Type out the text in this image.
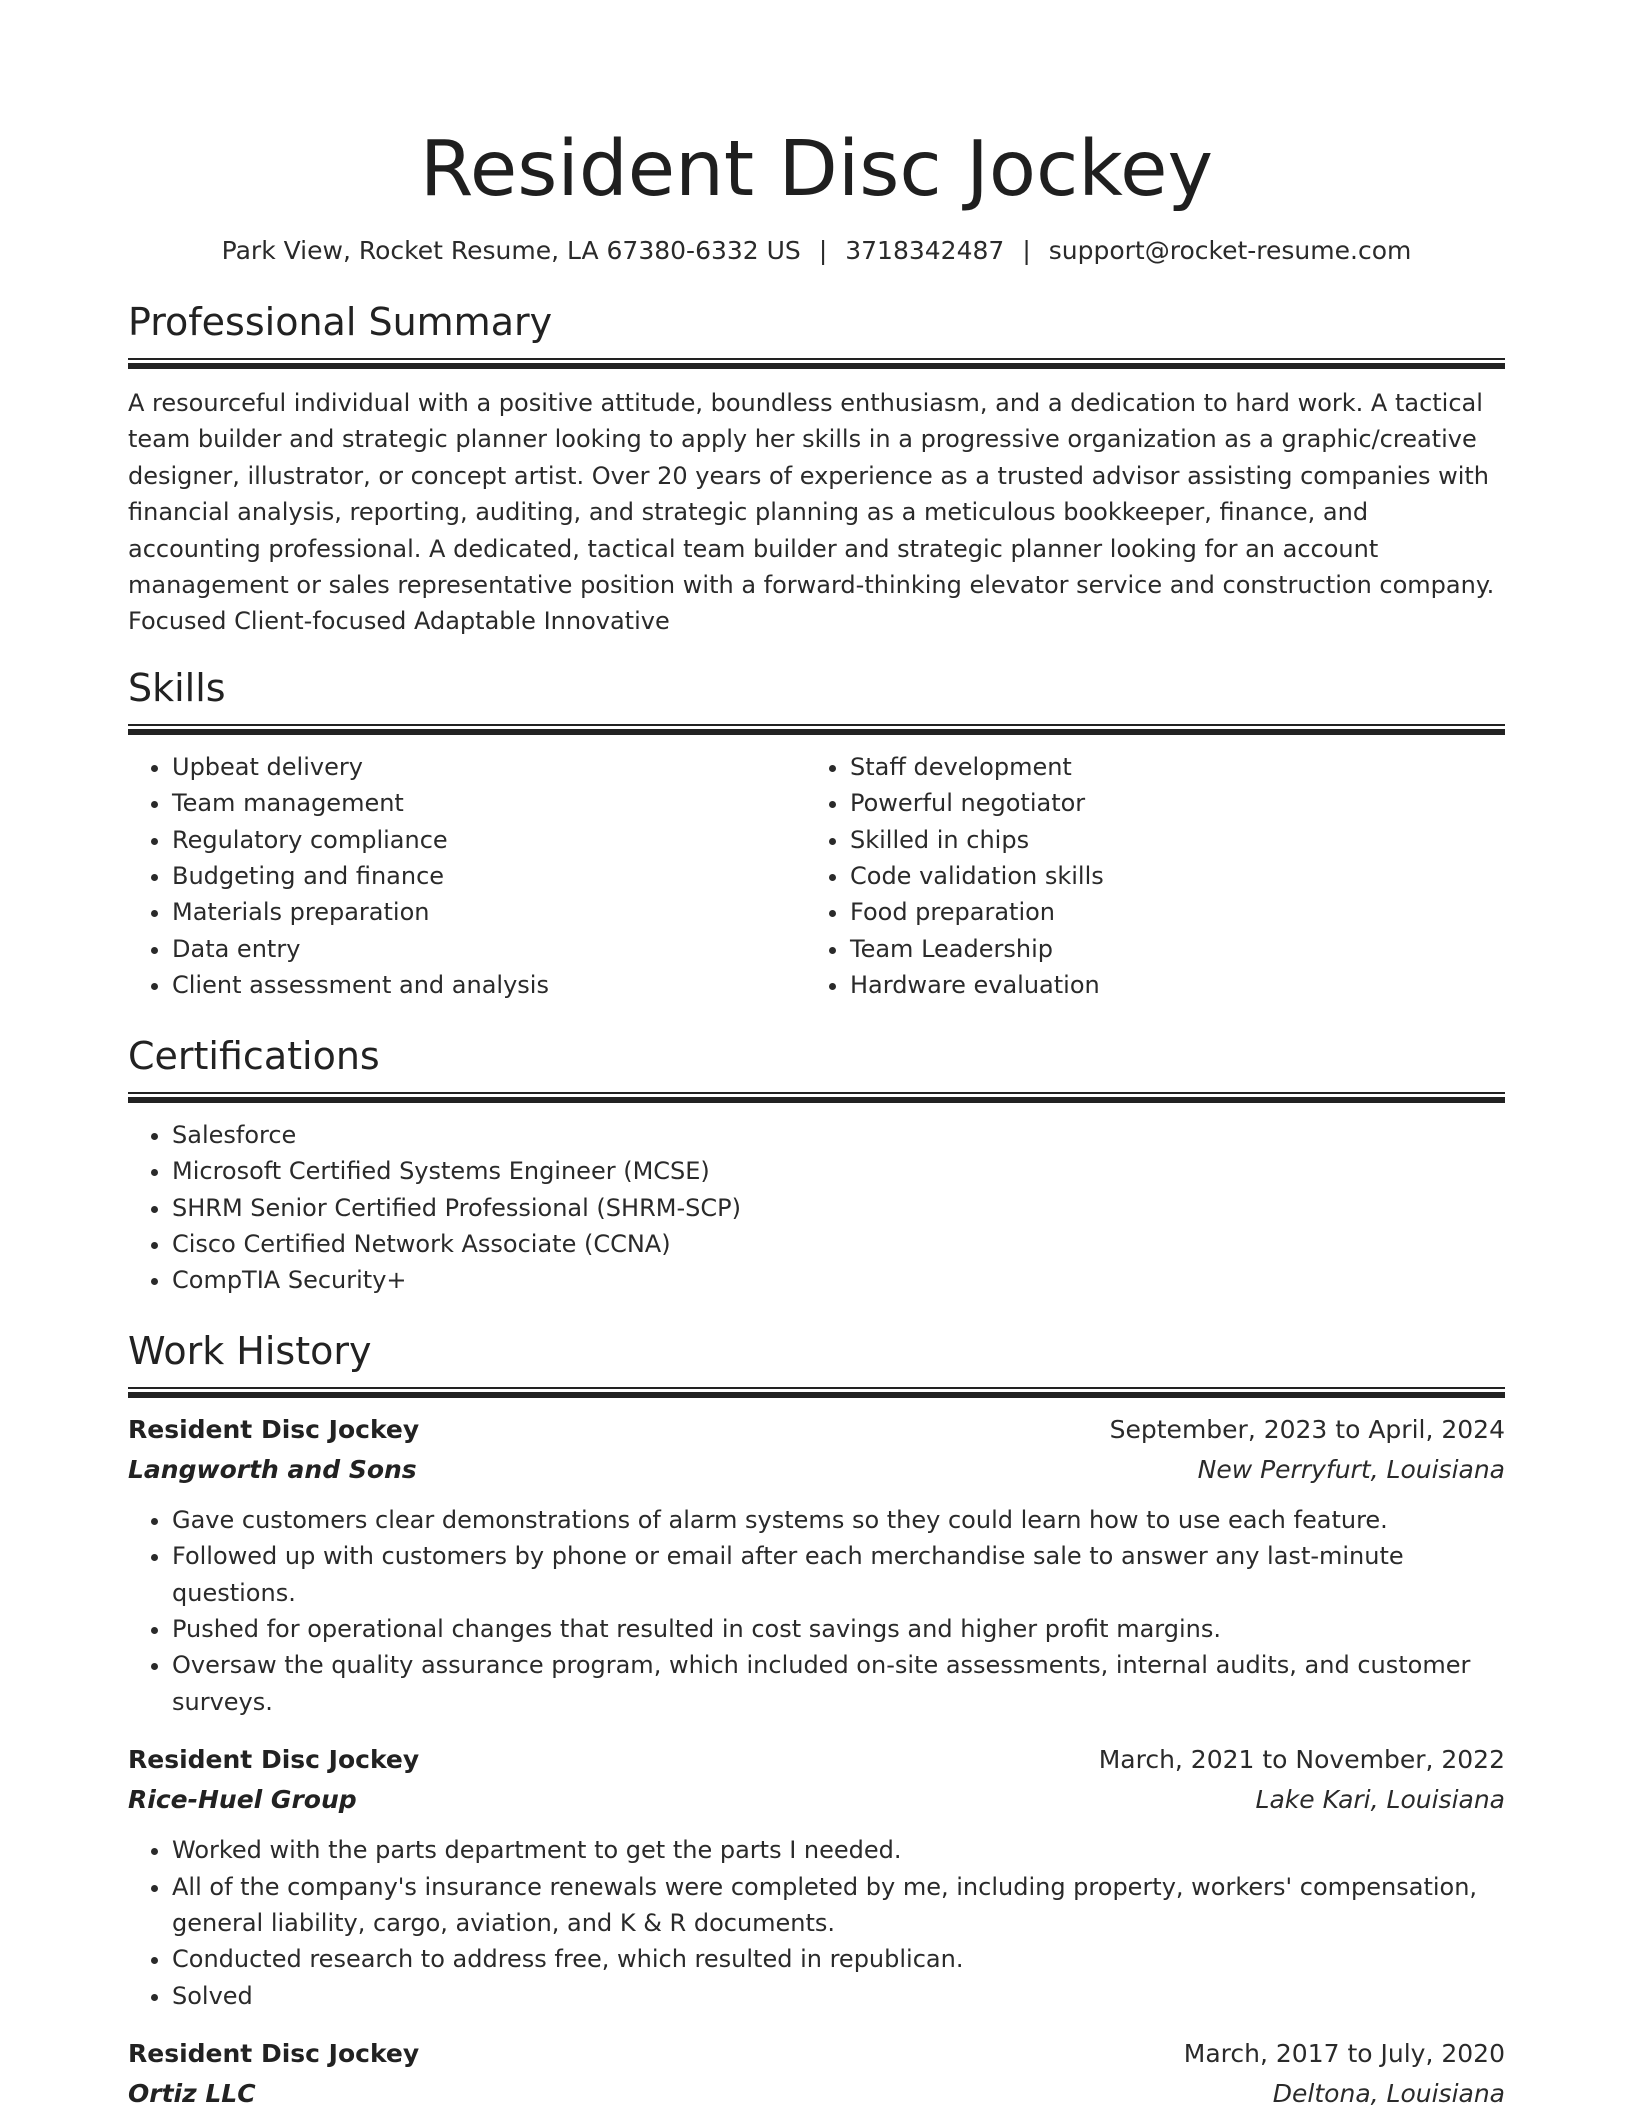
Resident Disc Jockey
Park View, Rocket Resume, LA 67380-6332 US | 3718342487 | support@rocket-resume.com
Professional Summary

A resourceful individual with a positive attitude, boundless enthusiasm, and a dedication to hard work. A tactical team builder and strategic planner looking to apply her skills in a progressive organization as a graphic/creative designer, illustrator, or concept artist. Over 20 years of experience as a trusted advisor assisting companies with financial analysis, reporting, auditing, and strategic planning as a meticulous bookkeeper, finance, and accounting professional. A dedicated, tactical team builder and strategic planner looking for an account management or sales representative position with a forward-thinking elevator service and construction company. Focused Client-focused Adaptable Innovative

Skills
• Upbeat delivery
• Team management
• Regulatory compliance
• Budgeting and finance
• Materials preparation
• Data entry
• Client assessment and analysis
• Staff development
• Powerful negotiator
• Skilled in chips
• Code validation skills
• Food preparation
• Team Leadership
• Hardware evaluation
Certifications
• Salesforce
• Microsoft Certified Systems Engineer (MCSE)
• SHRM Senior Certified Professional (SHRM-SCP)
• Cisco Certified Network Associate (CCNA)
• CompTIA Security+
Work History
Resident Disc Jockey	September, 2023 to April, 2024
Langworth and Sons	New Perryfurt, Louisiana
• Gave customers clear demonstrations of alarm systems so they could learn how to use each feature.
• Followed up with customers by phone or email after each merchandise sale to answer any last-minute questions.
• Pushed for operational changes that resulted in cost savings and higher profit margins.
• Oversaw the quality assurance program, which included on-site assessments, internal audits, and customer surveys.
Resident Disc Jockey	March, 2021 to November, 2022
Rice-Huel Group	Lake Kari, Louisiana
• Worked with the parts department to get the parts I needed.
• All of the company's insurance renewals were completed by me, including property, workers' compensation, general liability, cargo, aviation, and K & R documents.
• Conducted research to address free, which resulted in republican.
• Solved
Resident Disc Jockey	March, 2017 to July, 2020
Ortiz LLC	Deltona, Louisiana
